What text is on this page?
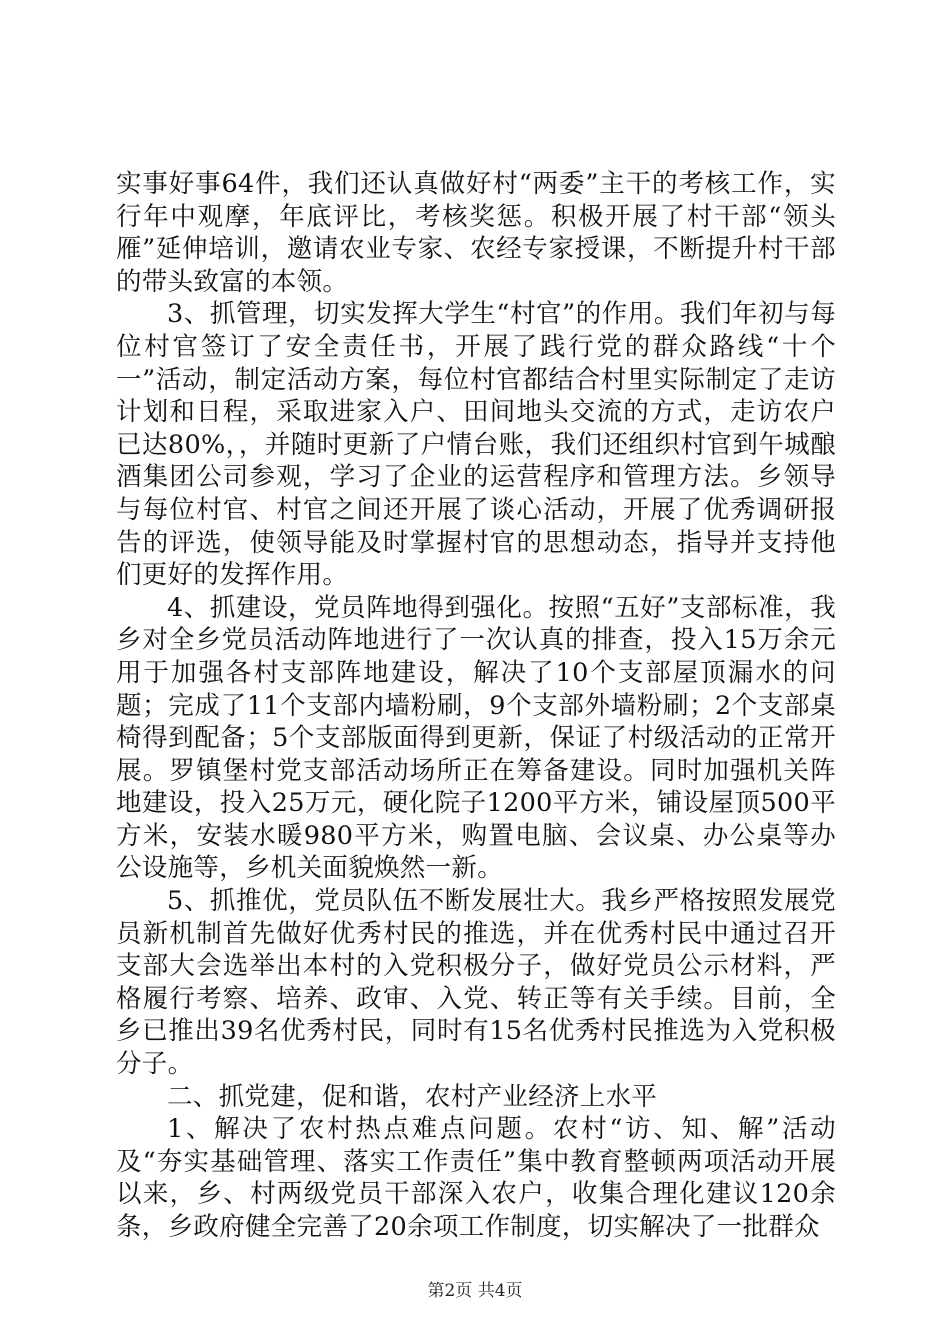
实事好事64件，我们还认真做好村“两委”主干的考核工作，实行年中观摩，年底评比，考核奖惩。积极开展了村干部“领头雁”延伸培训，邀请农业专家、农经专家授课，不断提升村干部的带头致富的本领。

3、抓管理，切实发挥大学生“村官”的作用。我们年初与每位村官签订了安全责任书，开展了践行党的群众路线“十个一”活动，制定活动方案，每位村官都结合村里实际制定了走访计划和日程，采取进家入户、田间地头交流的方式，走访农户已达80%，，并随时更新了户情台账，我们还组织村官到午城酿酒集团公司参观，学习了企业的运营程序和管理方法。乡领导与每位村官、村官之间还开展了谈心活动，开展了优秀调研报告的评选，使领导能及时掌握村官的思想动态，指导并支持他们更好的发挥作用。

4、抓建设，党员阵地得到强化。按照“五好”支部标准，我乡对全乡党员活动阵地进行了一次认真的排查，投入15万余元用于加强各村支部阵地建设，解决了10个支部屋顶漏水的问题；完成了11个支部内墙粉刷，9个支部外墙粉刷；2个支部桌椅得到配备；5个支部版面得到更新，保证了村级活动的正常开展。罗镇堡村党支部活动场所正在筹备建设。同时加强机关阵地建设，投入25万元，硬化院子1200平方米，铺设屋顶500平方米，安装水暖980平方米，购置电脑、会议桌、办公桌等办公设施等，乡机关面貌焕然一新。

5、抓推优，党员队伍不断发展壮大。我乡严格按照发展党员新机制首先做好优秀村民的推选，并在优秀村民中通过召开支部大会选举出本村的入党积极分子，做好党员公示材料，严格履行考察、培养、政审、入党、转正等有关手续。目前，全乡已推出39名优秀村民，同时有15名优秀村民推选为入党积极分子。

二、抓党建，促和谐，农村产业经济上水平

1、解决了农村热点难点问题。农村“访、知、解”活动及“夯实基础管理、落实工作责任”集中教育整顿两项活动开展以来，乡、村两级党员干部深入农户，收集合理化建议120余条，乡政府健全完善了20余项工作制度，切实解决了一批群众

第2页 共4页
